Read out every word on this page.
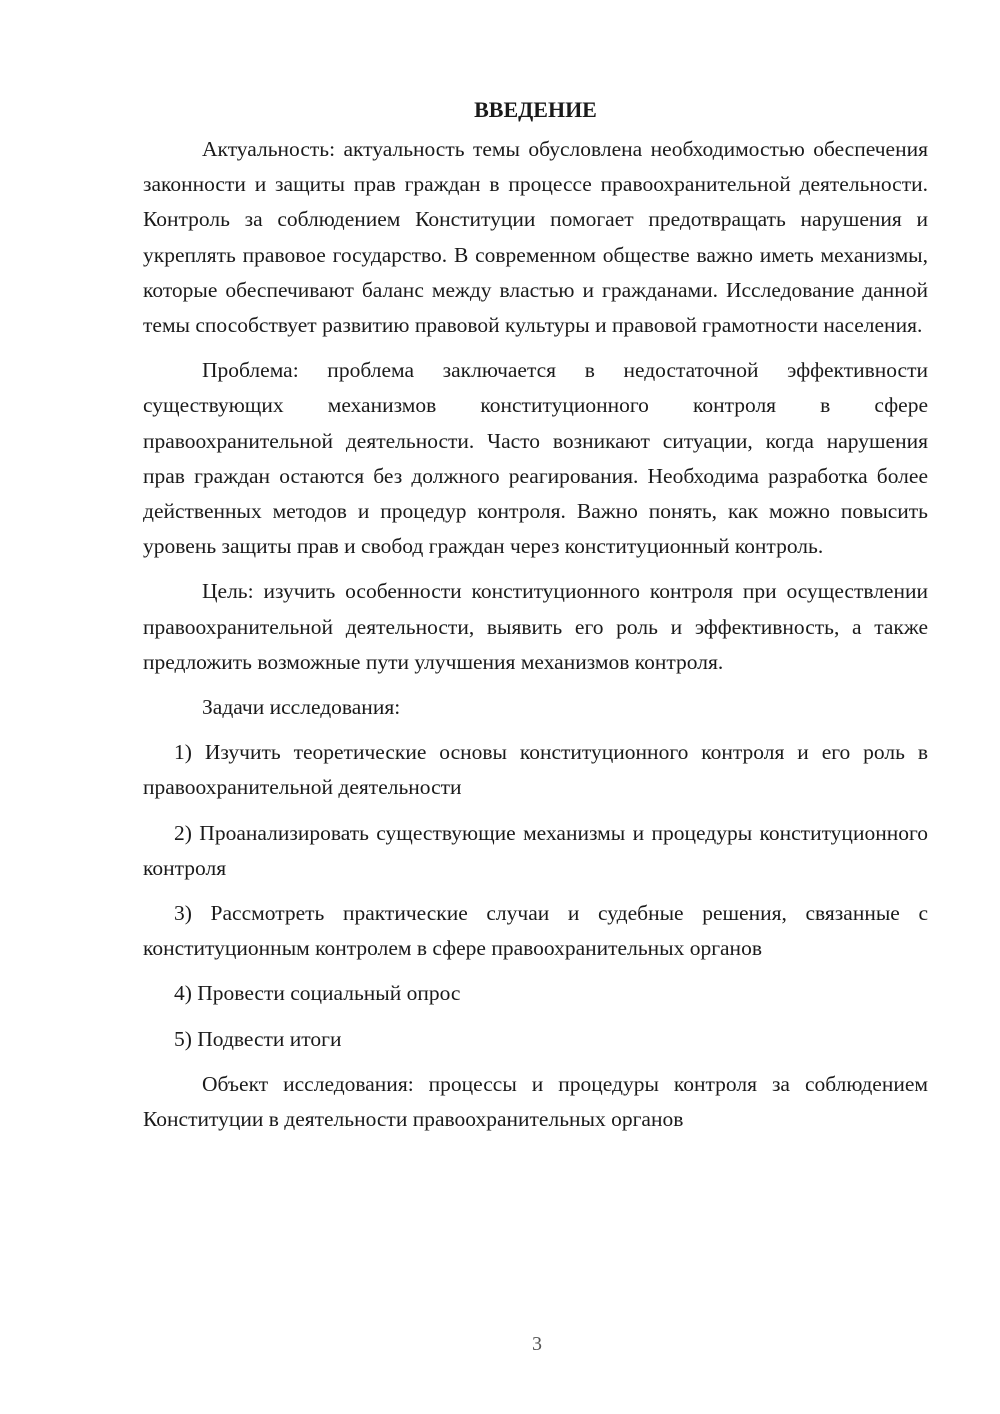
ВВЕДЕНИЕ

Актуальность: актуальность темы обусловлена необходимостью обеспечения законности и защиты прав граждан в процессе правоохранительной деятельности. Контроль за соблюдением Конституции помогает предотвращать нарушения и укреплять правовое государство. В современном обществе важно иметь механизмы, которые обеспечивают баланс между властью и гражданами. Исследование данной темы способствует развитию правовой культуры и правовой грамотности населения.

Проблема: проблема заключается в недостаточной эффективности существующих механизмов конституционного контроля в сфере правоохранительной деятельности. Часто возникают ситуации, когда нарушения прав граждан остаются без должного реагирования. Необходима разработка более действенных методов и процедур контроля. Важно понять, как можно повысить уровень защиты прав и свобод граждан через конституционный контроль.

Цель: изучить особенности конституционного контроля при осуществлении правоохранительной деятельности, выявить его роль и эффективность, а также предложить возможные пути улучшения механизмов контроля.

Задачи исследования:

1) Изучить теоретические основы конституционного контроля и его роль в правоохранительной деятельности

2) Проанализировать существующие механизмы и процедуры конституционного контроля

3) Рассмотреть практические случаи и судебные решения, связанные с конституционным контролем в сфере правоохранительных органов

4) Провести социальный опрос

5) Подвести итоги

Объект исследования: процессы и процедуры контроля за соблюдением Конституции в деятельности правоохранительных органов

3
